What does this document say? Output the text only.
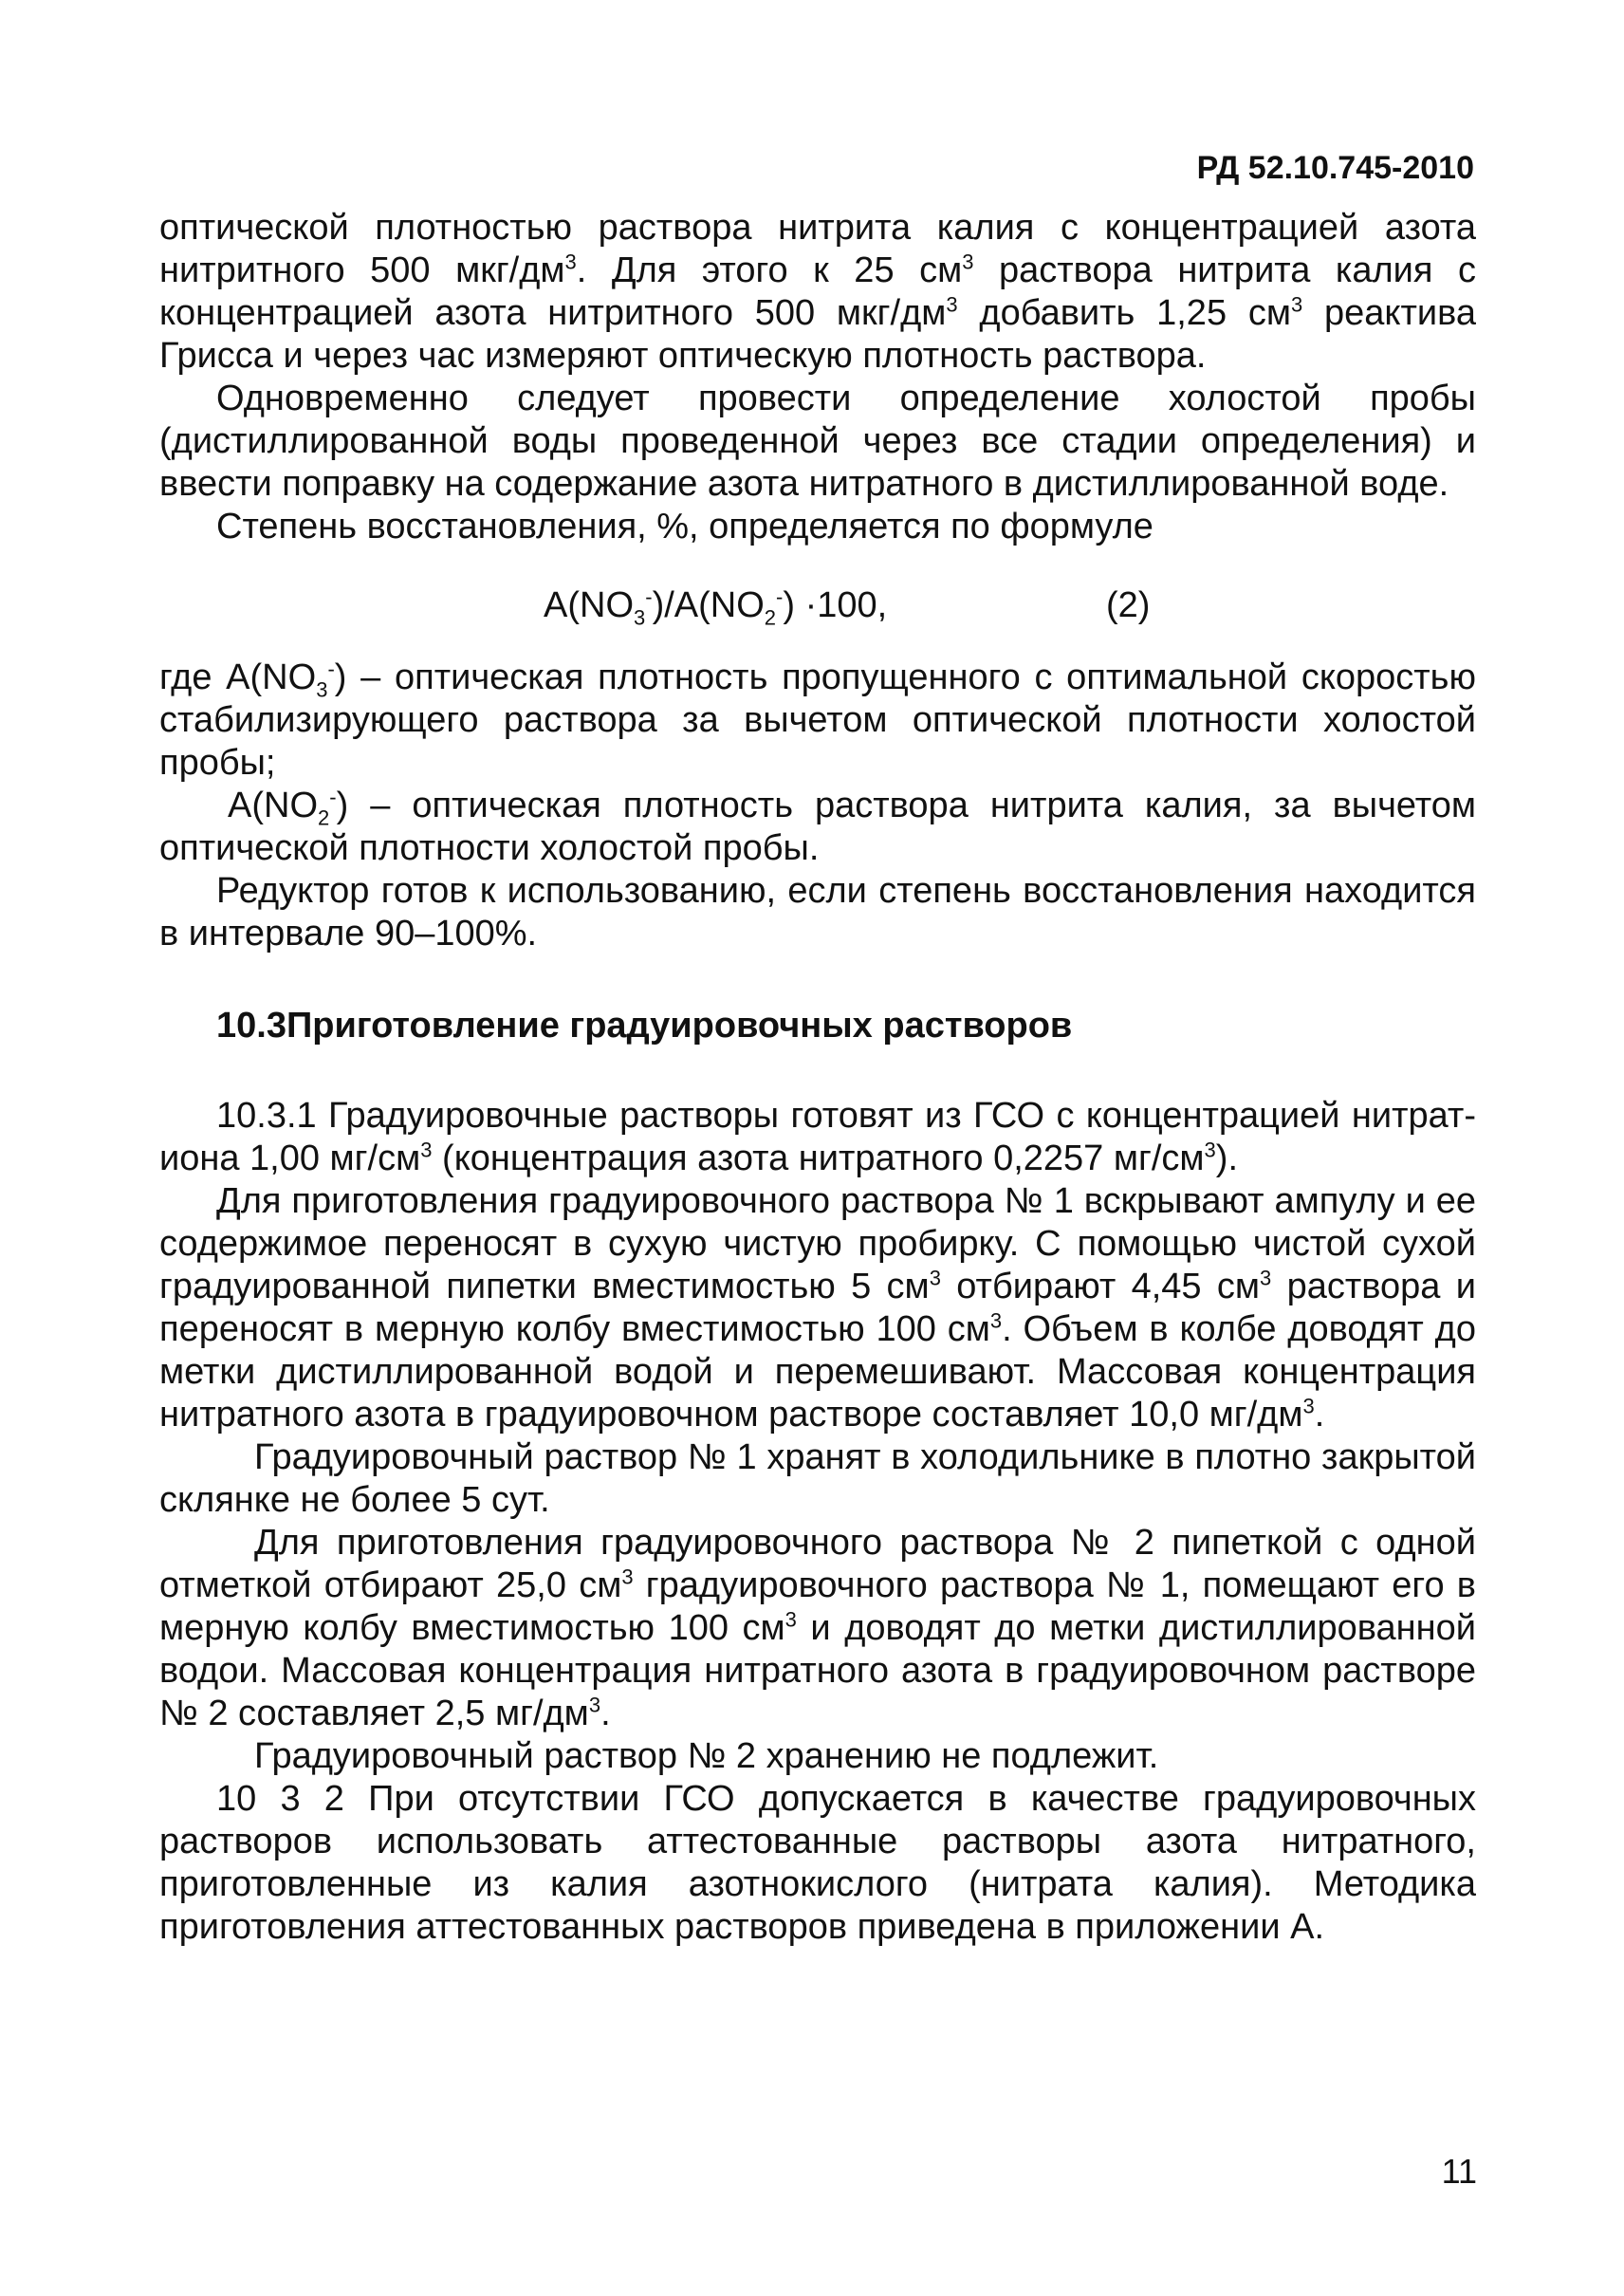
РД 52.10.745-2010

оптической плотностью раствора нитрита калия с концентрацией азота нитритного 500 мкг/$дм^3$. Для этого к 25 $см^3$ раствора нитрита калия с концентрацией азота нитритного 500 мкг/$дм^3$ добавить 1,25 $см^3$ реактива Грисса и через час измеряют оптическую плотность раствора.

Одновременно следует провести определение холостой пробы (дистиллированной воды проведенной через все стадии определения) и ввести поправку на содержание азота нитратного в дистиллированной воде.

Степень восстановления, %, определяется по формуле

$A(NO_3^-)/A(NO_2^-) \cdot 100$,	(2)

где $A(NO_3^-)$ – оптическая плотность пропущенного с оптимальной скоростью стабилизирующего раствора за вычетом оптической плотности холостой пробы;

$A(NO_2^-)$ – оптическая плотность раствора нитрита калия, за вычетом оптической плотности холостой пробы.

Редуктор готов к использованию, если степень восстановления находится в интервале 90–100%.

10.3Приготовление градуировочных растворов

10.3.1 Градуировочные растворы готовят из ГСО с концентрацией нитрат-иона 1,00 $мг/см^3$ (концентрация азота нитратного 0,2257 $мг/см^3$).

Для приготовления градуировочного раствора № 1 вскрывают ампулу и ее содержимое переносят в сухую чистую пробирку. С помощью чистой сухой градуированной пипетки вместимостью 5 $см^3$ отбирают 4,45 $см^3$ раствора и переносят в мерную колбу вместимостью 100 $см^3$. Объем в колбе доводят до метки дистиллированной водой и перемешивают. Массовая концентрация нитратного азота в градуировочном растворе составляет 10,0 $мг/дм^3$.

Градуировочный раствор № 1 хранят в холодильнике в плотно закрытой склянке не более 5 сут.

Для приготовления градуировочного раствора № 2 пипеткой с одной отметкой отбирают 25,0 $см^3$ градуировочного раствора № 1, помещают его в мерную колбу вместимостью 100 $см^3$ и доводят до метки дистиллированной водои. Массовая концентрация нитратного азота в градуировочном растворе № 2 составляет 2,5 $мг/дм^3$.

Градуировочный раствор № 2 хранению не подлежит.

10 3 2 При отсутствии ГСО допускается в качестве градуировочных растворов использовать аттестованные растворы азота нитратного, приготовленные из калия азотнокислого (нитрата калия). Методика приготовления аттестованных растворов приведена в приложении А.

11
